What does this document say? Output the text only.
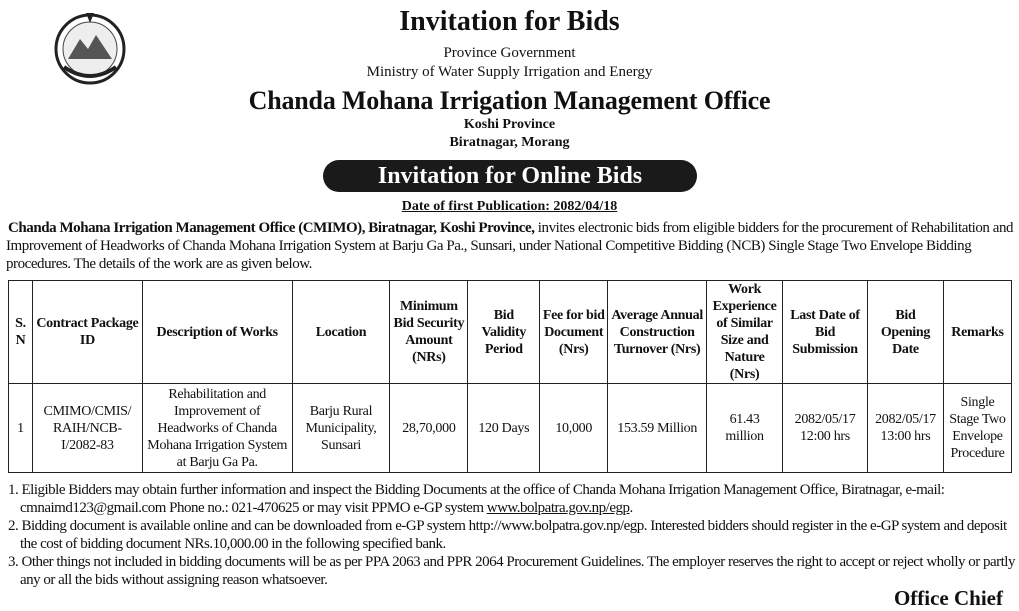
Invitation for Bids
Province Government
Ministry of Water Supply Irrigation and Energy
Chanda Mohana Irrigation Management Office
Koshi Province
Biratnagar, Morang
Invitation for Online Bids
Date of first Publication: 2082/04/18
Chanda Mohana Irrigation Management Office (CMIMO), Biratnagar, Koshi Province, invites electronic bids from eligible bidders for the procurement of Rehabilitation and Improvement of Headworks of Chanda Mohana Irrigation System at Barju Ga Pa., Sunsari, under National Competitive Bidding (NCB) Single Stage Two Envelope Bidding procedures. The details of the work are as given below.
S. N	Contract Package ID	Description of Works	Location	Minimum Bid Security Amount (NRs)	Bid Validity Period	Fee for bid Document (Nrs)	Average Annual Construction Turnover (Nrs)	Work Experience of Similar Size and Nature (Nrs)	Last Date of Bid Submission	Bid Opening Date	Remarks
1	CMIMO/CMIS/ RAIH/NCB- I/2082-83	Rehabilitation and Improvement of Headworks of Chanda Mohana Irrigation System at Barju Ga Pa.	Barju Rural Municipality, Sunsari	28,70,000	120 Days	10,000	153.59 Million	61.43 million	2082/05/17 12:00 hrs	2082/05/17 13:00 hrs	Single Stage Two Envelope Procedure

1. Eligible Bidders may obtain further information and inspect the Bidding Documents at the office of Chanda Mohana Irrigation Management Office, Biratnagar, e-mail: cmnaimd123@gmail.com Phone no.: 021-470625 or may visit PPMO e-GP system www.bolpatra.gov.np/egp.

2. Bidding document is available online and can be downloaded from e-GP system http://www.bolpatra.gov.np/egp. Interested bidders should register in the e-GP system and deposit the cost of bidding document NRs.10,000.00 in the following specified bank.

3. Other things not included in bidding documents will be as per PPA 2063 and PPR 2064 Procurement Guidelines. The employer reserves the right to accept or reject wholly or partly any or all the bids without assigning reason whatsoever.

Office Chief
